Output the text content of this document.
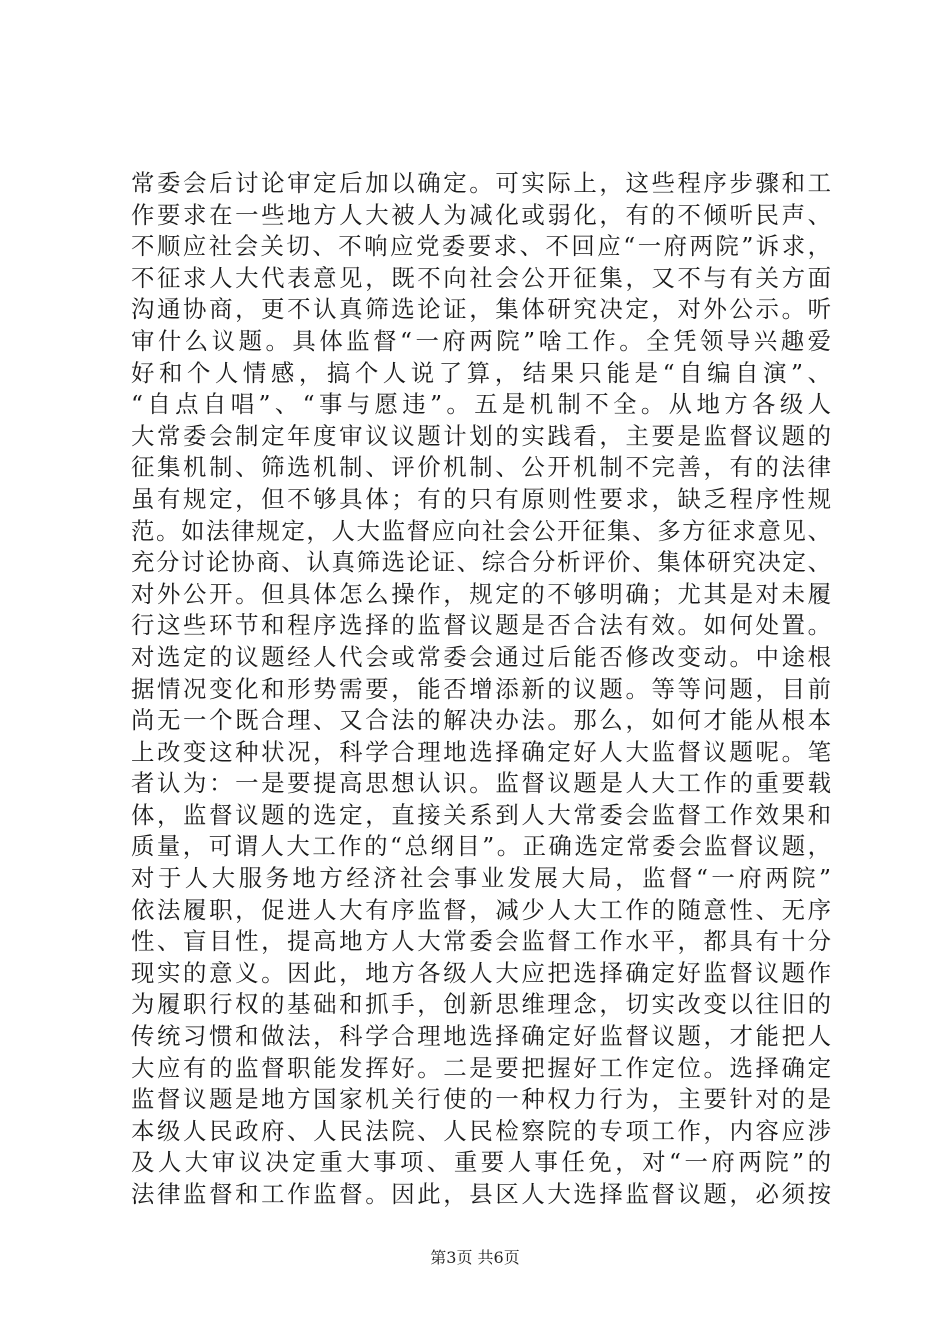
常委会后讨论审定后加以确定。可实际上，这些程序步骤和工
作要求在一些地方人大被人为减化或弱化，有的不倾听民声、
不顺应社会关切、不响应党委要求、不回应“一府两院”诉求，
不征求人大代表意见，既不向社会公开征集，又不与有关方面
沟通协商，更不认真筛选论证，集体研究决定，对外公示。听
审什么议题。具体监督“一府两院”啥工作。全凭领导兴趣爱
好和个人情感，搞个人说了算，结果只能是“自编自演”、
“自点自唱”、“事与愿违”。五是机制不全。从地方各级人
大常委会制定年度审议议题计划的实践看，主要是监督议题的
征集机制、筛选机制、评价机制、公开机制不完善，有的法律
虽有规定，但不够具体；有的只有原则性要求，缺乏程序性规
范。如法律规定，人大监督应向社会公开征集、多方征求意见、
充分讨论协商、认真筛选论证、综合分析评价、集体研究决定、
对外公开。但具体怎么操作，规定的不够明确；尤其是对未履
行这些环节和程序选择的监督议题是否合法有效。如何处置。
对选定的议题经人代会或常委会通过后能否修改变动。中途根
据情况变化和形势需要，能否增添新的议题。等等问题，目前
尚无一个既合理、又合法的解决办法。那么，如何才能从根本
上改变这种状况，科学合理地选择确定好人大监督议题呢。笔
者认为：一是要提高思想认识。监督议题是人大工作的重要载
体，监督议题的选定，直接关系到人大常委会监督工作效果和
质量，可谓人大工作的“总纲目”。正确选定常委会监督议题，
对于人大服务地方经济社会事业发展大局，监督“一府两院”
依法履职，促进人大有序监督，减少人大工作的随意性、无序
性、盲目性，提高地方人大常委会监督工作水平，都具有十分
现实的意义。因此，地方各级人大应把选择确定好监督议题作
为履职行权的基础和抓手，创新思维理念，切实改变以往旧的
传统习惯和做法，科学合理地选择确定好监督议题，才能把人
大应有的监督职能发挥好。二是要把握好工作定位。选择确定
监督议题是地方国家机关行使的一种权力行为，主要针对的是
本级人民政府、人民法院、人民检察院的专项工作，内容应涉
及人大审议决定重大事项、重要人事任免，对“一府两院”的
法律监督和工作监督。因此，县区人大选择监督议题，必须按
第3页 共6页
